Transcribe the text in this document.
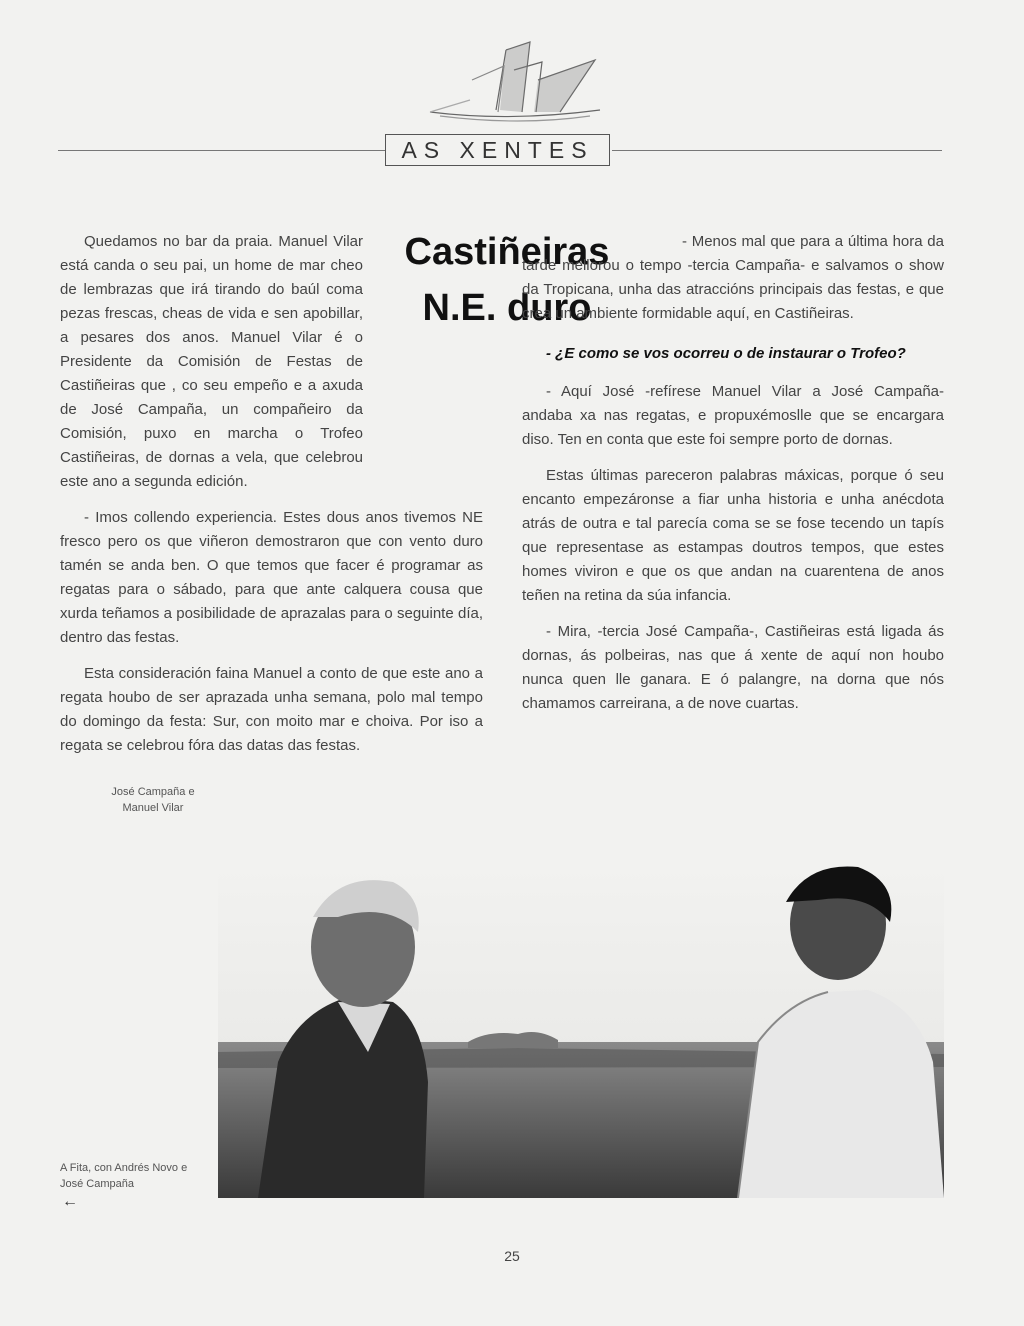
AS XENTES
Castiñeiras
N.E. duro

Quedamos no bar da praia. Manuel Vilar está canda o seu pai, un home de mar cheo de lembrazas que irá tirando do baúl coma pezas frescas, cheas de vida e sen apobillar, a pesares dos anos. Manuel Vilar é o Presidente da Comisión de Festas de Castiñeiras que , co seu empeño e a axuda de José Campaña, un compañeiro da Comisión, puxo en marcha o Trofeo Castiñeiras, de dornas a vela, que celebrou este ano a segunda edición.

- Imos collendo experiencia. Estes dous anos tivemos NE fresco pero os que viñeron demostraron que con vento duro tamén se anda ben. O que temos que facer é programar as regatas para o sábado, para que ante calquera cousa que xurda teñamos a posibilidade de aprazalas para o seguinte día, dentro das festas.

Esta consideración faina Manuel a conto de que este ano a regata houbo de ser aprazada unha semana, polo mal tempo do domingo da festa: Sur, con moito mar e choiva. Por iso a regata se celebrou fóra das datas das festas.

- Menos mal que para a última hora da tarde mellorou o tempo -tercia Campaña- e salvamos o show da Tropicana, unha das atraccións principais das festas, e que crea un ambiente formidable aquí, en Castiñeiras.

- ¿E como se vos ocorreu o de instaurar o Trofeo?

- Aquí José -refírese Manuel Vilar a José Campaña- andaba xa nas regatas, e propuxémoslle que se encargara diso. Ten en conta que este foi sempre porto de dornas.

Estas últimas pareceron palabras máxicas, porque ó seu encanto empezáronse a fiar unha historia e unha anécdota atrás de outra e tal parecía coma se se fose tecendo un tapís que representase as estampas doutros tempos, que estes homes viviron e que os que andan na cuarentena de anos teñen na retina da súa infancia.

- Mira, -tercia José Campaña-, Castiñeiras está ligada ás dornas, ás polbeiras, nas que á xente de aquí non houbo nunca quen lle ganara. E ó palangre, na dorna que nós chamamos carreirana, a de nove cuartas.

José Campaña e Manuel Vilar
A Fita, con Andrés Novo e José Campaña
←
25
